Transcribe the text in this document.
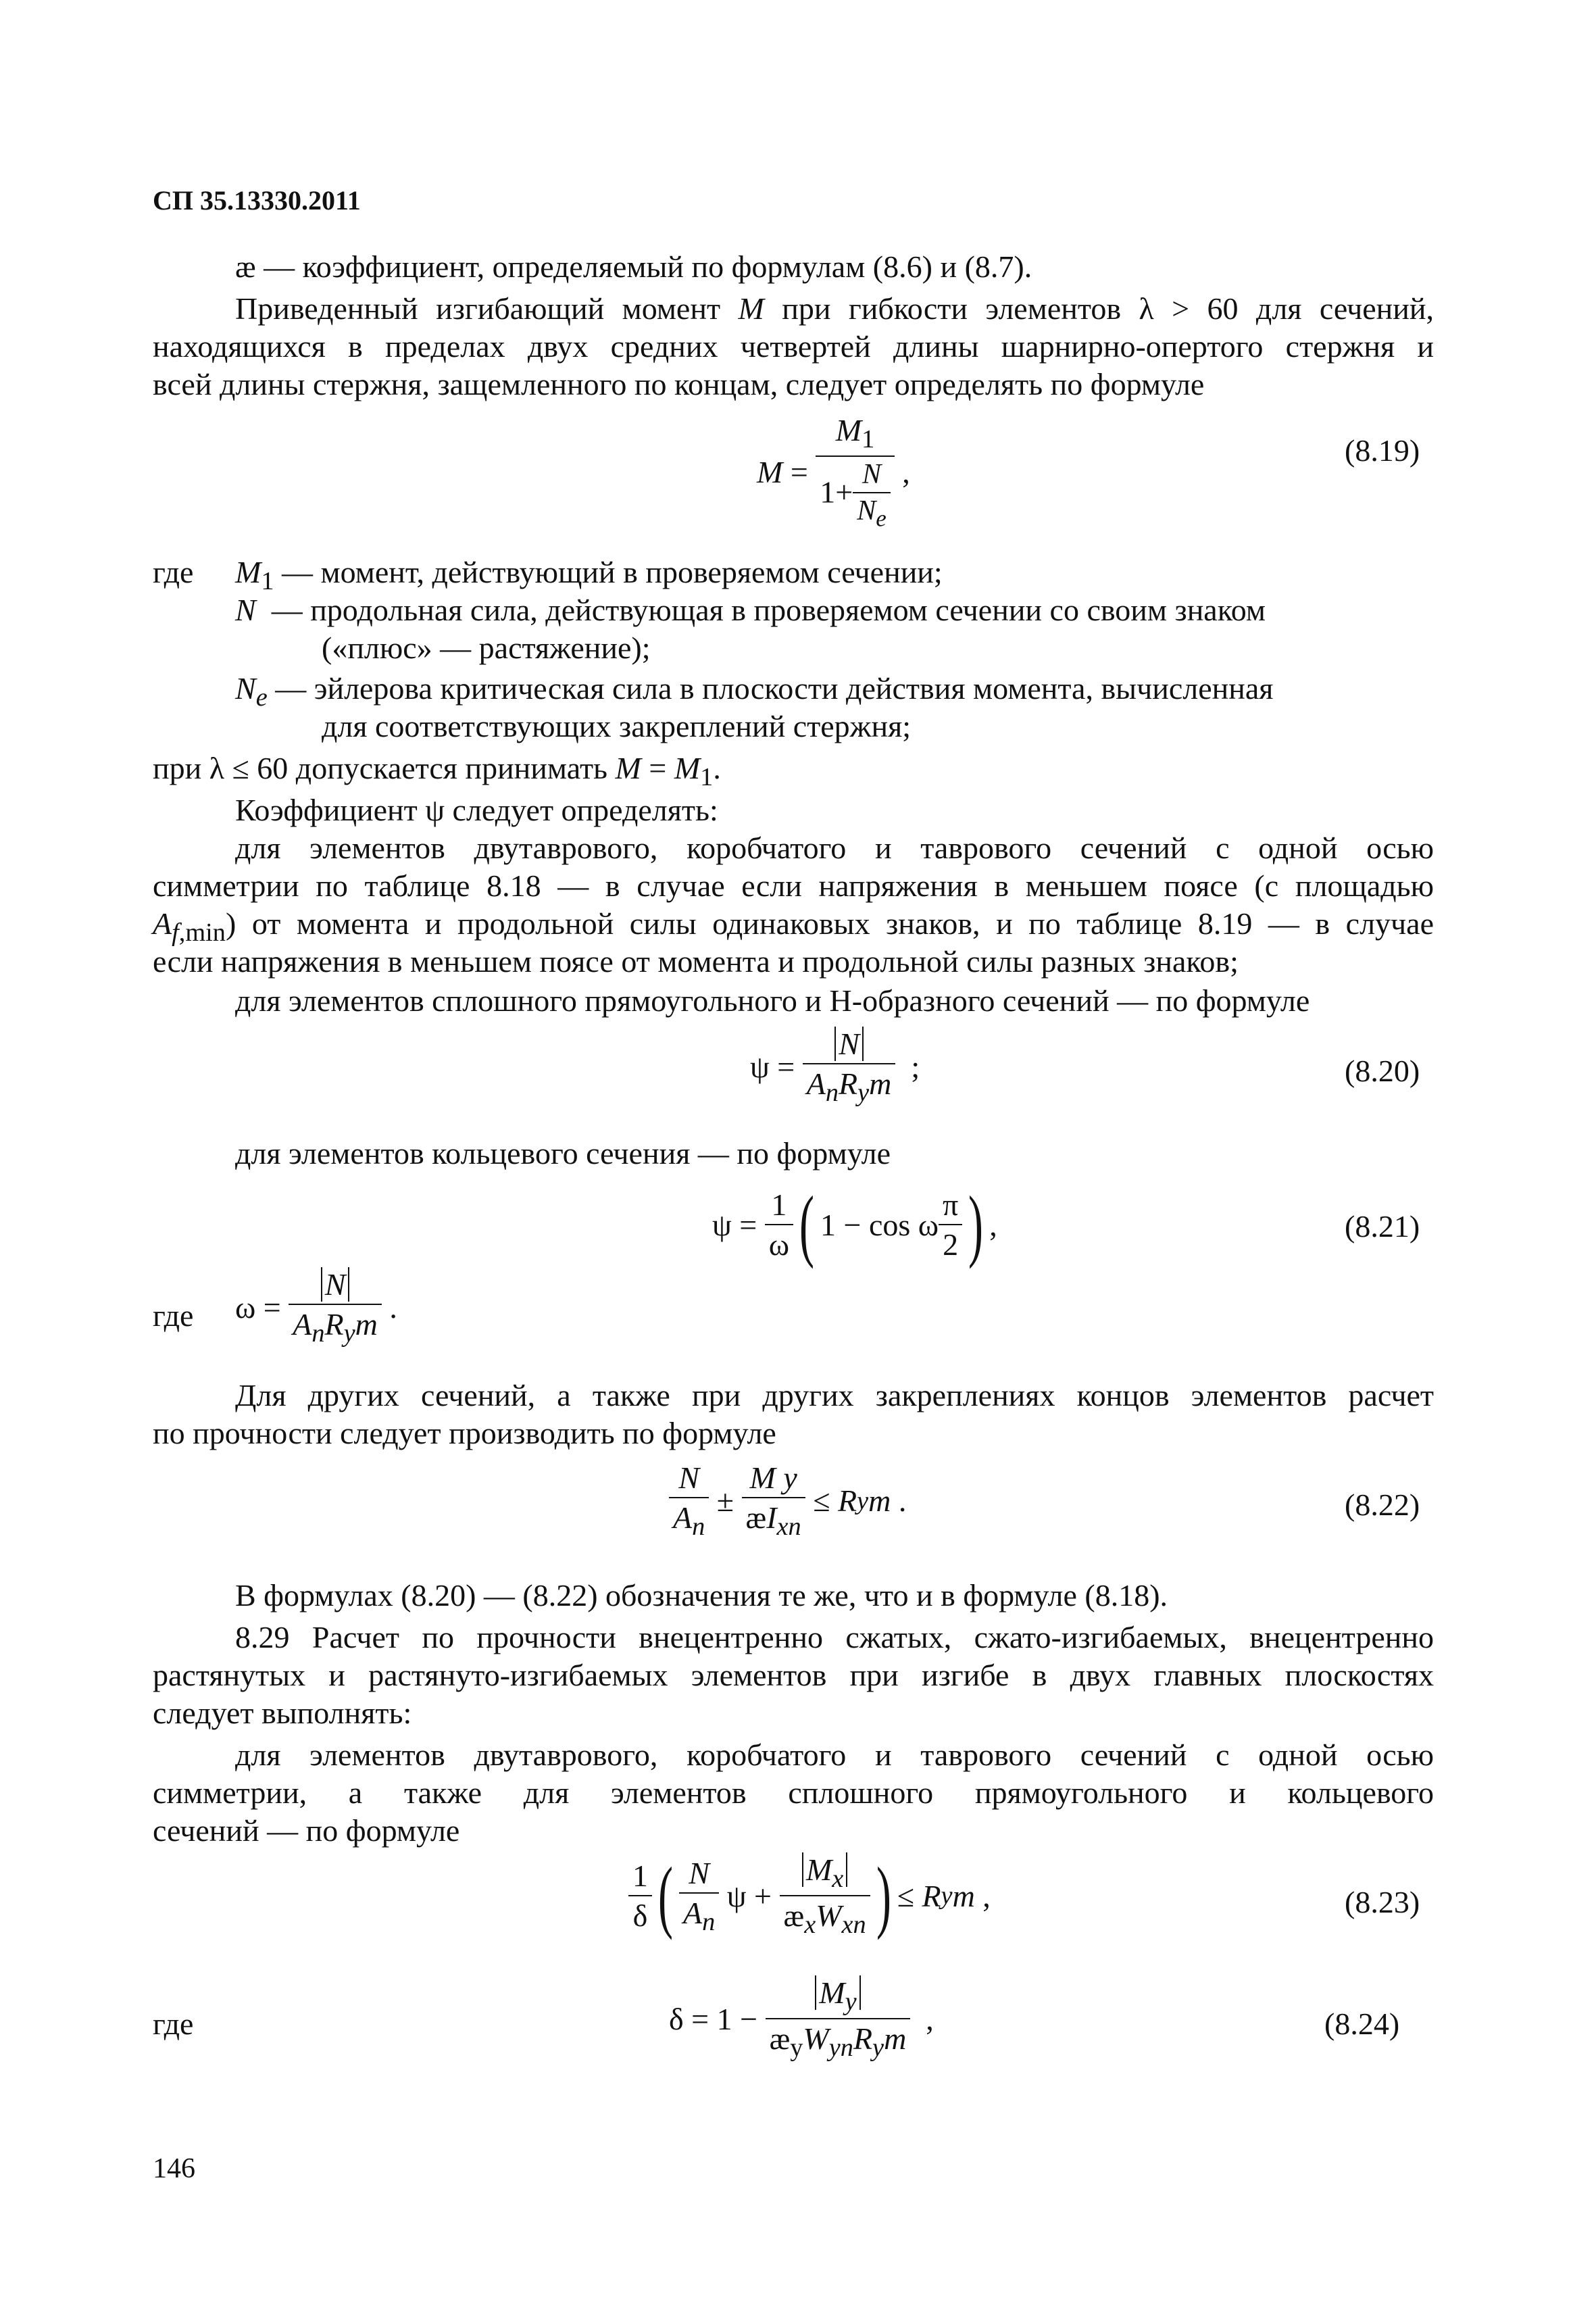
СП 35.13330.2011
æ — коэффициент, определяемый по формулам (8.6) и (8.7).
Приведенный изгибающий момент M при гибкости элементов λ > 60 для сечений,
находящихся в пределах двух средних четвертей длины шарнирно-опертого стержня и
всей длины стержня, защемленного по концам, следует определять по формуле
$M = \frac{M_1}{1+ \frac{N}{N_e}}$ ,
(8.19)
где $M_1$ — момент, действующий в проверяемом сечении;
N  — продольная сила, действующая в проверяемом сечении со своим знаком
(«плюс» — растяжение);
$N_e$ — эйлерова критическая сила в плоскости действия момента, вычисленная
для соответствующих закреплений стержня;
при λ ≤ 60 допускается принимать $M = M_1$.
Коэффициент ψ следует определять:
для элементов двутаврового, коробчатого и таврового сечений с одной осью
симметрии по таблице 8.18 — в случае если напряжения в меньшем поясе (с площадью
$A_{f,min}$) от момента и продольной силы одинаковых знаков, и по таблице 8.19 — в случае
если напряжения в меньшем поясе от момента и продольной силы разных знаков;
для элементов сплошного прямоугольного и H-образного сечений — по формуле
$\psi = \frac{N}{A_nR_ym}$ ;	(8.20)
для элементов кольцевого сечения — по формуле
$\psi = \frac{1}{\omega}$ ( 1 − cos ω $\frac{\pi}{2}$ ) ,	(8.21)
где $\omega = \frac{N}{A_nR_ym}$ .
Для других сечений, а также при других закреплениях концов элементов расчет
по прочности следует производить по формуле
$\frac{N}{A_n} \pm \frac{\text{M y}}{æI_{xn}} \le R$ y m .	(8.22)
В формулах (8.20) — (8.22) обозначения те же, что и в формуле (8.18).
8.29 Расчет по прочности внецентренно сжатых, сжато-изгибаемых, внецентренно
растянутых и растянуто-изгибаемых элементов при изгибе в двух главных плоскостях
следует выполнять:
для элементов двутаврового, коробчатого и таврового сечений с одной осью
симметрии, а также для элементов сплошного прямоугольного и кольцевого
сечений — по формуле
$\frac{1}{\delta}$ ( $\frac{N}{A_n}$ $\psi + \frac{M_x}{æ_xW_{xn}}$ ) ≤ R y m ,	(8.23)
где	$\delta = 1 - \frac{M_y}{æ_yW_{yn}R_ym}$ ,	(8.24)
146
